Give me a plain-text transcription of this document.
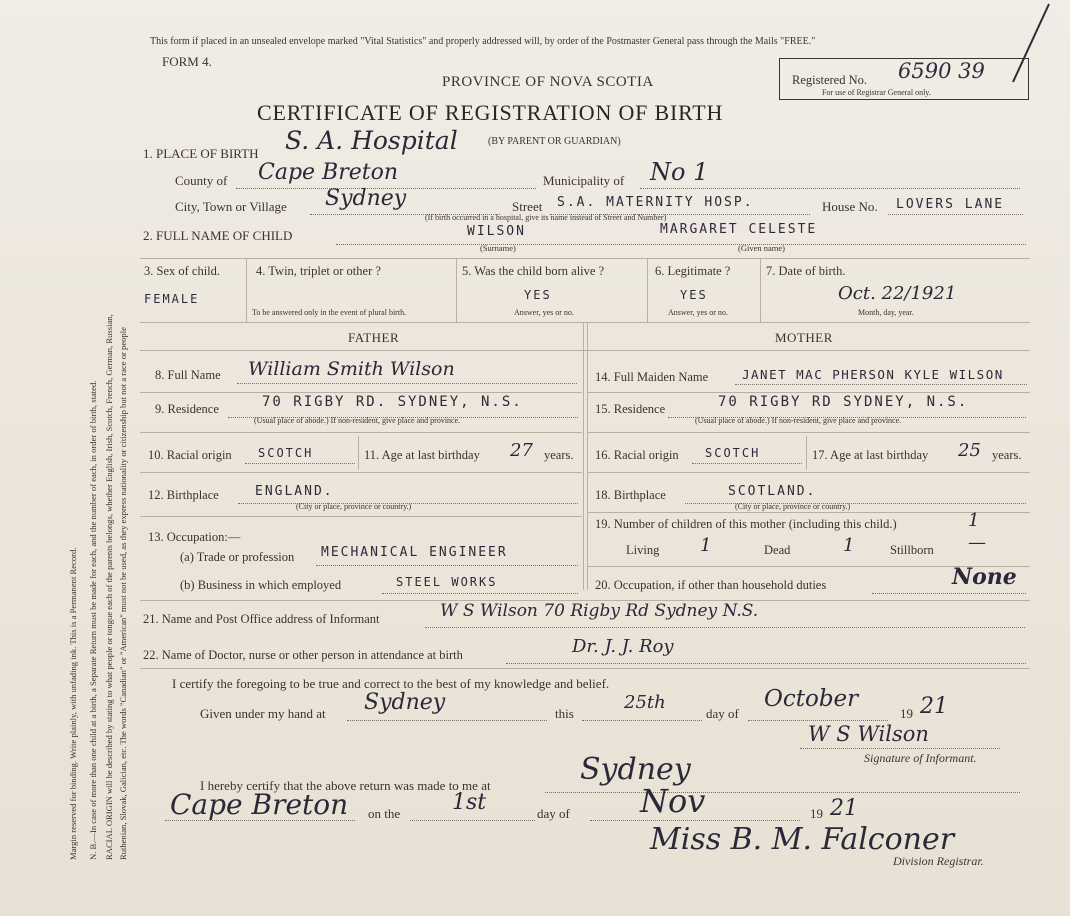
Margin reserved for binding. Write plainly, with unfading ink. This is a Permanent Record. N. B.—In case of more than one child at a birth, a Separate Return must be made for each, and the number of each, in order of birth, stated. RACIAL ORIGIN will be described by stating to what people or tongue each of the parents belongs, whether English, Irish, Scotch, French, German, Russian, Ruthenian, Slovak, Galician, etc. The words "Canadian" or "American" must not be used, as they express nationality or citizenship but not a race or people
This form if placed in an unsealed envelope marked "Vital Statistics" and properly addressed will, by order of the Postmaster General pass through the Mails "FREE."
FORM 4.
PROVINCE OF NOVA SCOTIA
CERTIFICATE OF REGISTRATION OF BIRTH
(BY PARENT OR GUARDIAN)
Registered No. 6590 39
For use of Registrar General only.
1. PLACE OF BIRTH S. A. Hospital
County of Cape Breton	Municipality of No 1
City, Town or Village Sydney	Street S.A. MATERNITY HOSP.
(If birth occurred in a hospital, give its name instead of Street and Number)
House No. LOVERS LANE
2. FULL NAME OF CHILD	WILSON
(Surname)
MARGARET CELESTE
(Given name)
3. Sex of child.
FEMALE
4. Twin, triplet or other ?
To be answered only in the event of plural birth.
5. Was the child born alive ?
YES
Answer, yes or no.
6. Legitimate ?
YES
Answer, yes or no.
7. Date of birth.
Oct. 22/1921
Month, day, year.
FATHER	MOTHER
8. Full Name William Smith Wilson
9. Residence	70 RIGBY RD. SYDNEY, N.S.
(Usual place of abode.) If non-resident, give place and province.
10. Racial origin SCOTCH	11. Age at last birthday 27 years.
12. Birthplace	ENGLAND.
(City or place, province or country.)
13. Occupation:—
(a) Trade or profession MECHANICAL ENGINEER
(b) Business in which employed	STEEL WORKS
14. Full Maiden Name	JANET MAC PHERSON KYLE WILSON
15. Residence	70 RIGBY RD SYDNEY, N.S.
(Usual place of abode.) If non-resident, give place and province.
16. Racial origin SCOTCH	17. Age at last birthday 25 years.
18. Birthplace	SCOTLAND.
(City or place, province or country.)
19. Number of children of this mother (including this child.)	1
Living 1	Dead	1	Stillborn —
20. Occupation, if other than household duties	None
21. Name and Post Office address of Informant	W S Wilson 70 Rigby Rd Sydney N.S.
22. Name of Doctor, nurse or other person in attendance at birth	Dr. J. J. Roy
I certify the foregoing to be true and correct to the best of my knowledge and belief.
Given under my hand at Sydney	this
25th
day of
October
19 21
W S Wilson
Signature of Informant.
I hereby certify that the above return was made to me at	Sydney
Cape Breton on the 1st	day of Nov	19 21
Miss B. M. Falconer
Division Registrar.
